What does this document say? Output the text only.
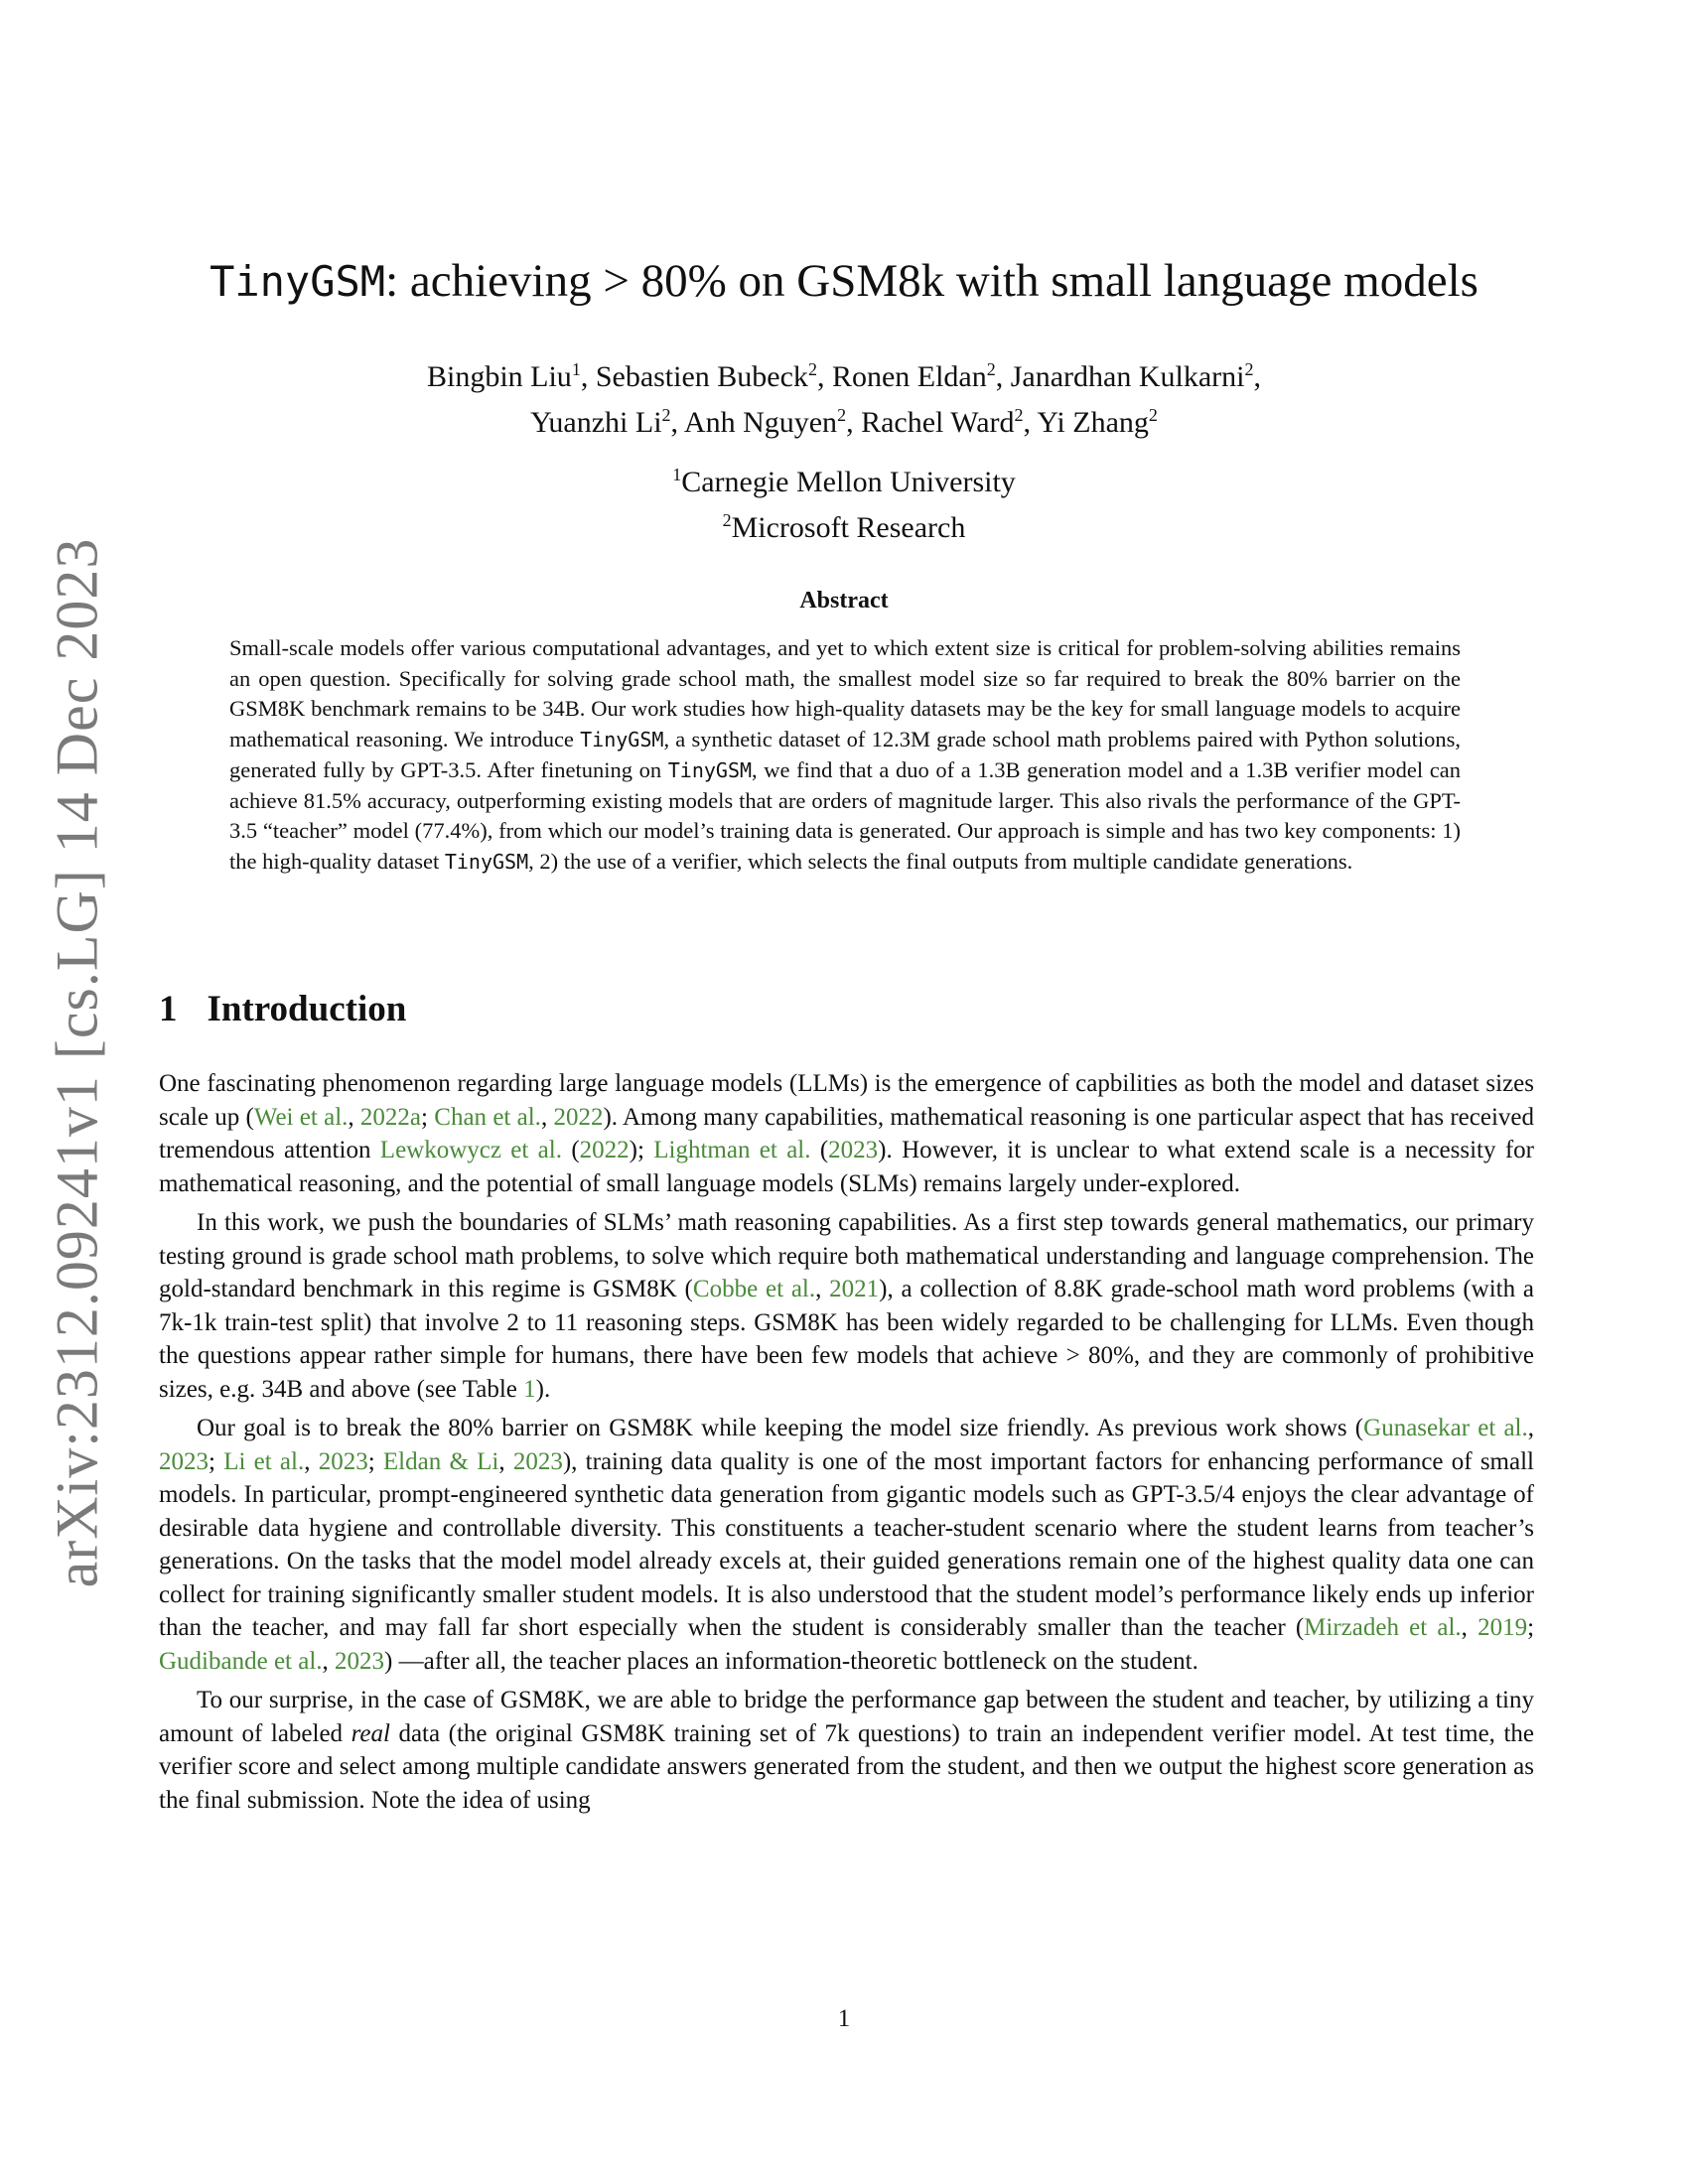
arXiv:2312.09241v1 [cs.LG] 14 Dec 2023
TinyGSM: achieving > 80% on GSM8k with small language models
Bingbin Liu$^1$, Sebastien Bubeck$^2$, Ronen Eldan$^2$, Janardhan Kulkarni$^2$,
Yuanzhi Li$^2$, Anh Nguyen$^2$, Rachel Ward$^2$, Yi Zhang$^2$
$^1$Carnegie Mellon University
$^2$Microsoft Research
Abstract

Small-scale models offer various computational advantages, and yet to which extent size is critical for problem-solving abilities remains an open question. Specifically for solving grade school math, the smallest model size so far required to break the 80% barrier on the GSM8K benchmark remains to be 34B. Our work studies how high-quality datasets may be the key for small language models to acquire mathematical reasoning. We introduce TinyGSM, a synthetic dataset of 12.3M grade school math problems paired with Python solutions, generated fully by GPT-3.5. After finetuning on TinyGSM, we find that a duo of a 1.3B generation model and a 1.3B verifier model can achieve 81.5% accuracy, outperforming existing models that are orders of magnitude larger. This also rivals the performance of the GPT-3.5 “teacher” model (77.4%), from which our model’s training data is generated. Our approach is simple and has two key components: 1) the high-quality dataset TinyGSM, 2) the use of a verifier, which selects the final outputs from multiple candidate generations.

1 Introduction

One fascinating phenomenon regarding large language models (LLMs) is the emergence of capbilities as both the model and dataset sizes scale up (Wei et al., 2022a; Chan et al., 2022). Among many capabilities, mathematical reasoning is one particular aspect that has received tremendous attention Lewkowycz et al. (2022); Lightman et al. (2023). However, it is unclear to what extend scale is a necessity for mathematical reasoning, and the potential of small language models (SLMs) remains largely under-explored.

In this work, we push the boundaries of SLMs’ math reasoning capabilities. As a first step towards general mathematics, our primary testing ground is grade school math problems, to solve which require both mathematical understanding and language comprehension. The gold-standard benchmark in this regime is GSM8K (Cobbe et al., 2021), a collection of 8.8K grade-school math word problems (with a 7k-1k train-test split) that involve 2 to 11 reasoning steps. GSM8K has been widely regarded to be challenging for LLMs. Even though the questions appear rather simple for humans, there have been few models that achieve > 80%, and they are commonly of prohibitive sizes, e.g. 34B and above (see Table 1).

Our goal is to break the 80% barrier on GSM8K while keeping the model size friendly. As previous work shows (Gunasekar et al., 2023; Li et al., 2023; Eldan & Li, 2023), training data quality is one of the most important factors for enhancing performance of small models. In particular, prompt-engineered synthetic data generation from gigantic models such as GPT-3.5/4 enjoys the clear advantage of desirable data hygiene and controllable diversity. This constituents a teacher-student scenario where the student learns from teacher’s generations. On the tasks that the model model already excels at, their guided generations remain one of the highest quality data one can collect for training significantly smaller student models. It is also understood that the student model’s performance likely ends up inferior than the teacher, and may fall far short especially when the student is considerably smaller than the teacher (Mirzadeh et al., 2019; Gudibande et al., 2023) —after all, the teacher places an information-theoretic bottleneck on the student.

To our surprise, in the case of GSM8K, we are able to bridge the performance gap between the student and teacher, by utilizing a tiny amount of labeled real data (the original GSM8K training set of 7k questions) to train an independent verifier model. At test time, the verifier score and select among multiple candidate answers generated from the student, and then we output the highest score generation as the final submission. Note the idea of using

1
